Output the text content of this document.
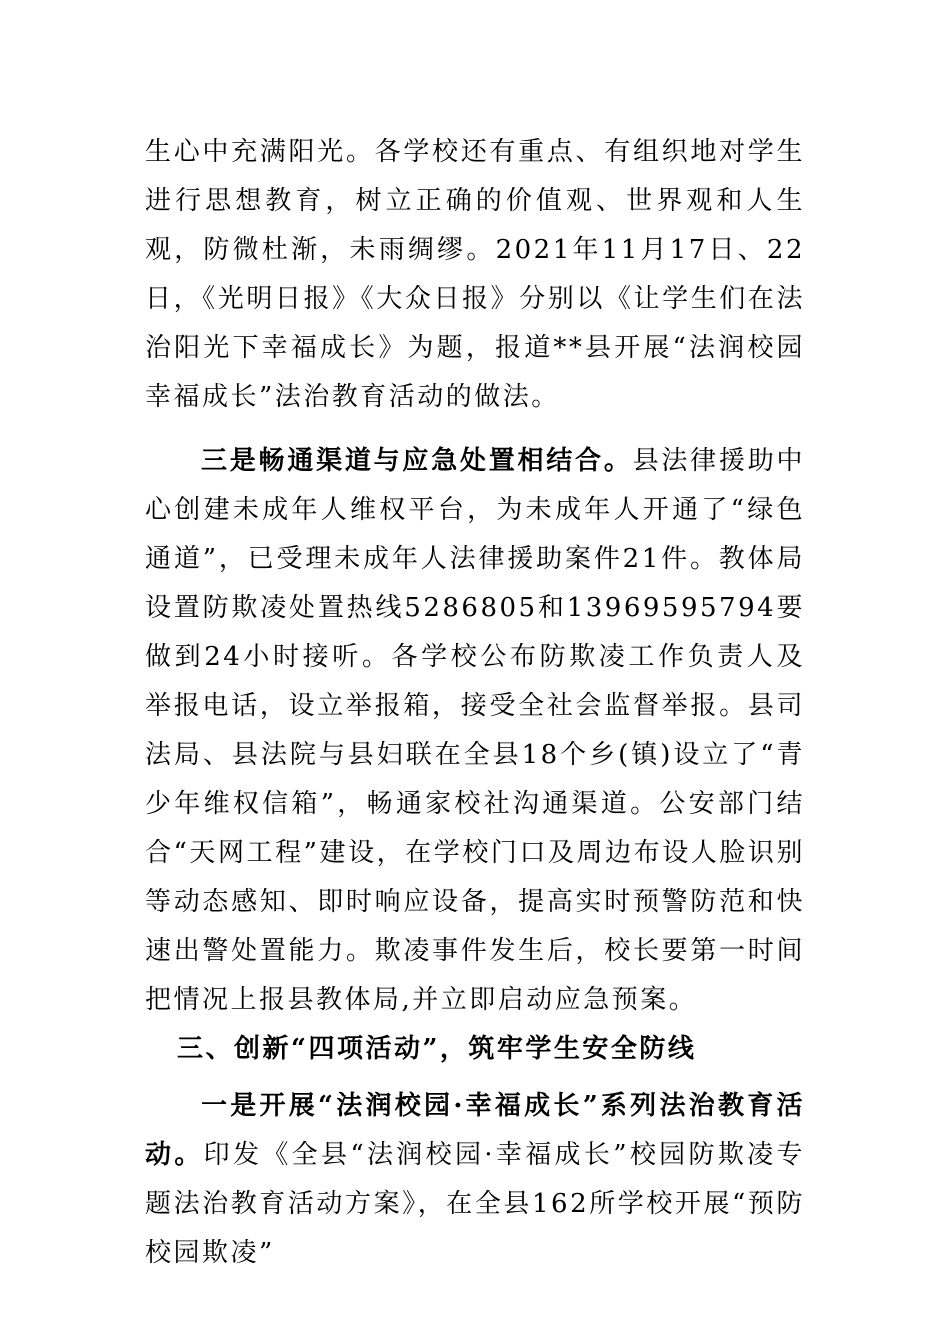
生心中充满阳光。各学校还有重点、有组织地对学生进行思想教育，树立正确的价值观、世界观和人生观，防微杜渐，未雨绸缪。2021年11月17日、22日，《光明日报》《大众日报》分别以《让学生们在法治阳光下幸福成长》为题，报道**县开展“法润校园 幸福成长”法治教育活动的做法。

三是畅通渠道与应急处置相结合。县法律援助中心创建未成年人维权平台，为未成年人开通了“绿色通道”，已受理未成年人法律援助案件21件。教体局设置防欺凌处置热线5286805和13969595794要做到24小时接听。各学校公布防欺凌工作负责人及举报电话，设立举报箱，接受全社会监督举报。县司法局、县法院与县妇联在全县18个乡(镇)设立了“青少年维权信箱”，畅通家校社沟通渠道。公安部门结合“天网工程”建设，在学校门口及周边布设人脸识别等动态感知、即时响应设备，提高实时预警防范和快速出警处置能力。欺凌事件发生后，校长要第一时间把情况上报县教体局,并立即启动应急预案。

三、创新“四项活动”，筑牢学生安全防线

一是开展“法润校园·幸福成长”系列法治教育活动。印发《全县“法润校园·幸福成长”校园防欺凌专题法治教育活动方案》，在全县162所学校开展“预防校园欺凌”
